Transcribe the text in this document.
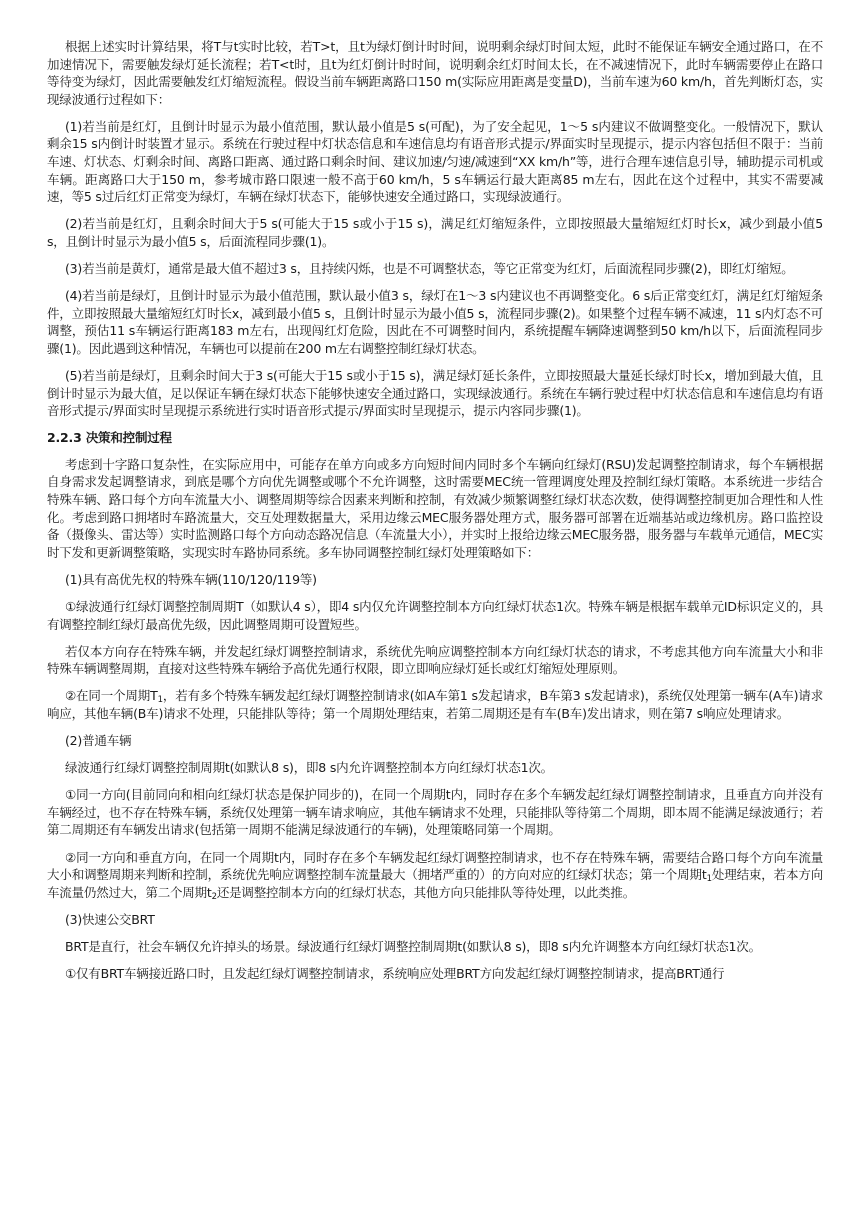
根据上述实时计算结果，将T与t实时比较，若T>t，且t为绿灯倒计时时间，说明剩余绿灯时间太短，此时不能保证车辆安全通过路口，在不加速情况下，需要触发绿灯延长流程；若T<t时，且t为红灯倒计时时间，说明剩余红灯时间太长，在不减速情况下，此时车辆需要停止在路口等待变为绿灯，因此需要触发红灯缩短流程。假设当前车辆距离路口150 m(实际应用距离是变量D)，当前车速为60 km/h，首先判断灯态，实现绿波通行过程如下：

(1)若当前是红灯，且倒计时显示为最小值范围，默认最小值是5 s(可配)，为了安全起见，1～5 s内建议不做调整变化。一般情况下，默认剩余15 s内倒计时装置才显示。系统在行驶过程中灯状态信息和车速信息均有语音形式提示/界面实时呈现提示，提示内容包括但不限于：当前车速、灯状态、灯剩余时间、离路口距离、通过路口剩余时间、建议加速/匀速/减速到“XX km/h”等，进行合理车速信息引导，辅助提示司机或车辆。距离路口大于150 m，参考城市路口限速一般不高于60 km/h，5 s车辆运行最大距离85 m左右，因此在这个过程中，其实不需要减速，等5 s过后红灯正常变为绿灯，车辆在绿灯状态下，能够快速安全通过路口，实现绿波通行。

(2)若当前是红灯，且剩余时间大于5 s(可能大于15 s或小于15 s)，满足红灯缩短条件，立即按照最大量缩短红灯时长x，减少到最小值5 s，且倒计时显示为最小值5 s，后面流程同步骤(1)。

(3)若当前是黄灯，通常是最大值不超过3 s，且持续闪烁，也是不可调整状态，等它正常变为红灯，后面流程同步骤(2)，即红灯缩短。

(4)若当前是绿灯，且倒计时显示为最小值范围，默认最小值3 s，绿灯在1～3 s内建议也不再调整变化。6 s后正常变红灯，满足红灯缩短条件，立即按照最大量缩短红灯时长x，减到最小值5 s，且倒计时显示为最小值5 s，流程同步骤(2)。如果整个过程车辆不减速，11 s内灯态不可调整，预估11 s车辆运行距离183 m左右，出现闯红灯危险，因此在不可调整时间内，系统提醒车辆降速调整到50 km/h以下，后面流程同步骤(1)。因此遇到这种情况，车辆也可以提前在200 m左右调整控制红绿灯状态。

(5)若当前是绿灯，且剩余时间大于3 s(可能大于15 s或小于15 s)，满足绿灯延长条件，立即按照最大量延长绿灯时长x，增加到最大值，且倒计时显示为最大值，足以保证车辆在绿灯状态下能够快速安全通过路口，实现绿波通行。系统在车辆行驶过程中灯状态信息和车速信息均有语音形式提示/界面实时呈现提示系统进行实时语音形式提示/界面实时呈现提示，提示内容同步骤(1)。

2.2.3 决策和控制过程

考虑到十字路口复杂性，在实际应用中，可能存在单方向或多方向短时间内同时多个车辆向红绿灯(RSU)发起调整控制请求，每个车辆根据自身需求发起调整请求，到底是哪个方向优先调整或哪个不允许调整，这时需要MEC统一管理调度处理及控制红绿灯策略。本系统进一步结合特殊车辆、路口每个方向车流量大小、调整周期等综合因素来判断和控制，有效减少频繁调整红绿灯状态次数，使得调整控制更加合理性和人性化。考虑到路口拥堵时车路流量大，交互处理数据量大，采用边缘云MEC服务器处理方式，服务器可部署在近端基站或边缘机房。路口监控设备（摄像头、雷达等）实时监测路口每个方向动态路况信息（车流量大小），并实时上报给边缘云MEC服务器，服务器与车载单元通信，MEC实时下发和更新调整策略，实现实时车路协同系统。多车协同调整控制红绿灯处理策略如下：

(1)具有高优先权的特殊车辆(110/120/119等)

①绿波通行红绿灯调整控制周期T（如默认4 s），即4 s内仅允许调整控制本方向红绿灯状态1次。特殊车辆是根据车载单元ID标识定义的，具有调整控制红绿灯最高优先级，因此调整周期可设置短些。

若仅本方向存在特殊车辆，并发起红绿灯调整控制请求，系统优先响应调整控制本方向红绿灯状态的请求，不考虑其他方向车流量大小和非特殊车辆调整周期，直接对这些特殊车辆给予高优先通行权限，即立即响应绿灯延长或红灯缩短处理原则。

②在同一个周期$T_1$，若有多个特殊车辆发起红绿灯调整控制请求(如A车第1 s发起请求，B车第3 s发起请求)，系统仅处理第一辆车(A车)请求响应，其他车辆(B车)请求不处理，只能排队等待；第一个周期处理结束，若第二周期还是有车(B车)发出请求，则在第7 s响应处理请求。

(2)普通车辆

绿波通行红绿灯调整控制周期t(如默认8 s)，即8 s内允许调整控制本方向红绿灯状态1次。

①同一方向(目前同向和相向红绿灯状态是保护同步的)，在同一个周期t内，同时存在多个车辆发起红绿灯调整控制请求，且垂直方向并没有车辆经过，也不存在特殊车辆，系统仅处理第一辆车请求响应，其他车辆请求不处理，只能排队等待第二个周期，即本周不能满足绿波通行；若第二周期还有车辆发出请求(包括第一周期不能满足绿波通行的车辆)，处理策略同第一个周期。

②同一方向和垂直方向，在同一个周期t内，同时存在多个车辆发起红绿灯调整控制请求，也不存在特殊车辆，需要结合路口每个方向车流量大小和调整周期来判断和控制，系统优先响应调整控制车流量最大（拥堵严重的）的方向对应的红绿灯状态；第一个周期$t_1$处理结束，若本方向车流量仍然过大，第二个周期$t_2$还是调整控制本方向的红绿灯状态，其他方向只能排队等待处理，以此类推。

(3)快速公交BRT

BRT是直行，社会车辆仅允许掉头的场景。绿波通行红绿灯调整控制周期t(如默认8 s)，即8 s内允许调整本方向红绿灯状态1次。

①仅有BRT车辆接近路口时，且发起红绿灯调整控制请求，系统响应处理BRT方向发起红绿灯调整控制请求，提高BRT通行
